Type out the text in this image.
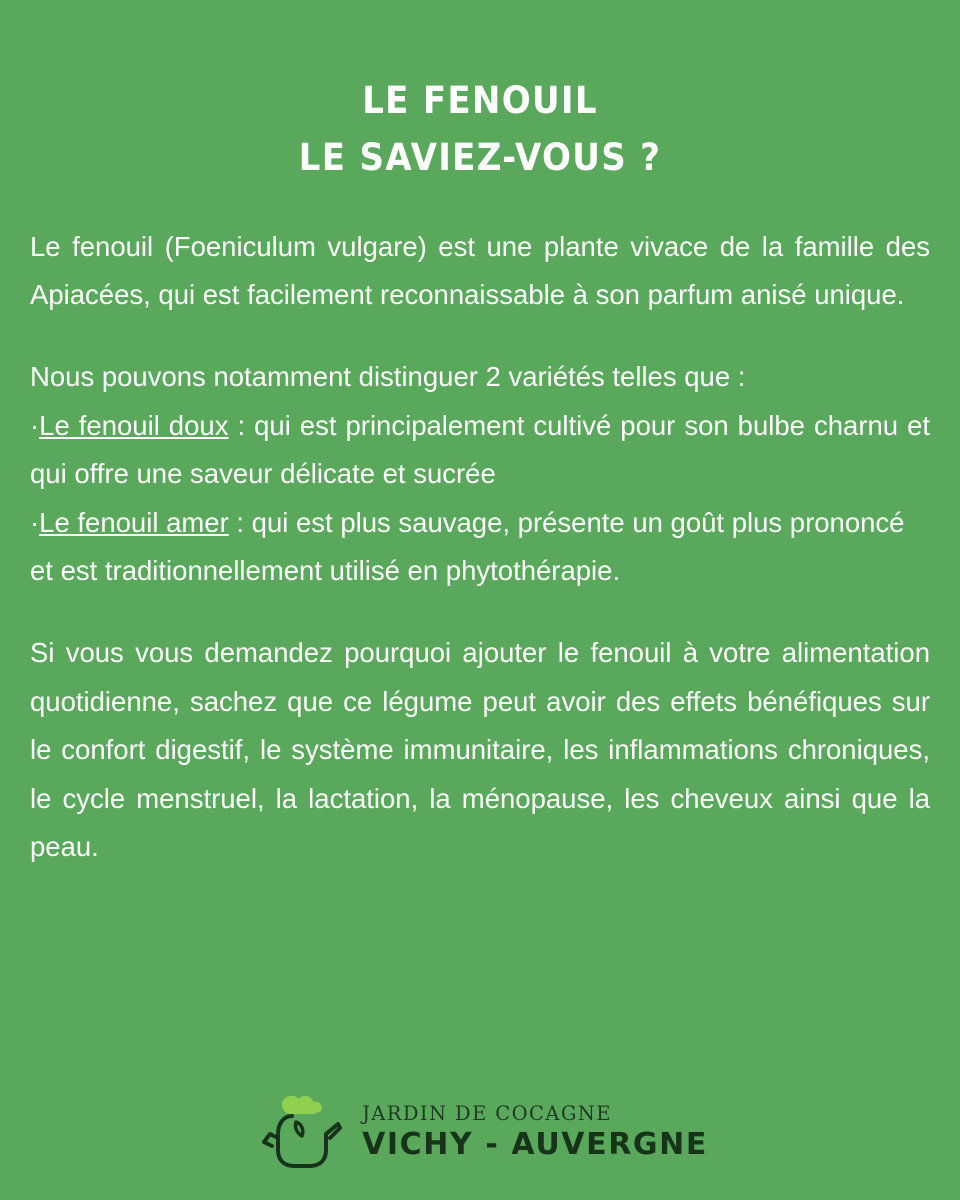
LE FENOUIL
LE SAVIEZ-VOUS ?

Le fenouil (Foeniculum vulgare) est une plante vivace de la famille des Apiacées, qui est facilement reconnaissable à son parfum anisé unique.

Nous pouvons notamment distinguer 2 variétés telles que :

·Le fenouil doux : qui est principalement cultivé pour son bulbe charnu et qui offre une saveur délicate et sucrée

·Le fenouil amer : qui est plus sauvage, présente un goût plus prononcé et est traditionnellement utilisé en phytothérapie.

Si vous vous demandez pourquoi ajouter le fenouil à votre alimentation quotidienne, sachez que ce légume peut avoir des effets bénéfiques sur le confort digestif, le système immunitaire, les inflammations chroniques, le cycle menstruel, la lactation, la ménopause, les cheveux ainsi que la peau.

JARDIN DE COCAGNE
VICHY - AUVERGNE
